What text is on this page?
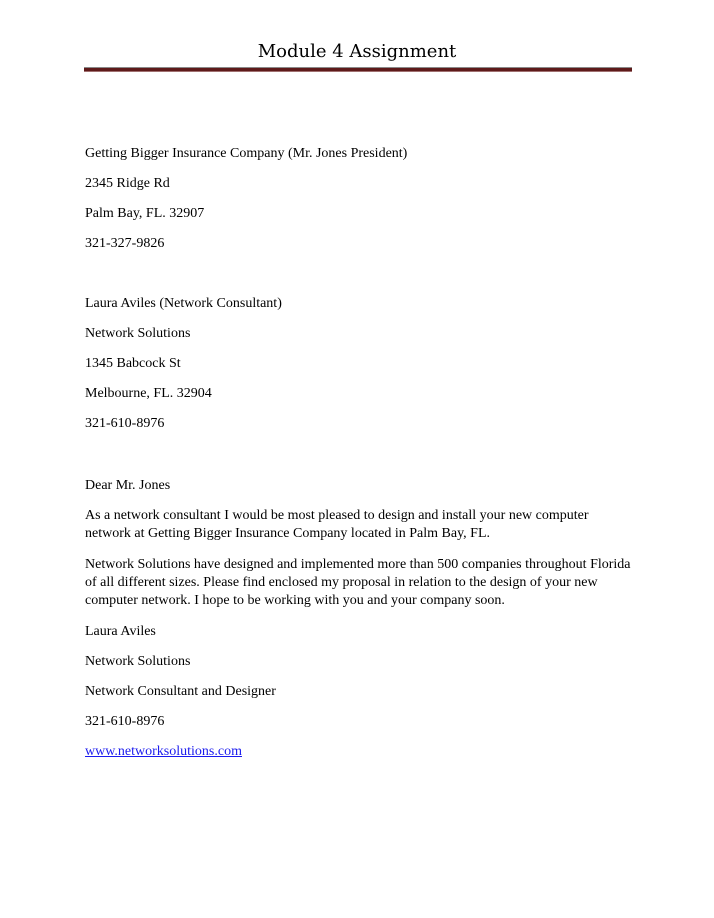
Module 4 Assignment

Getting Bigger Insurance Company (Mr. Jones President)

2345 Ridge Rd

Palm Bay, FL. 32907

321-327-9826

Laura Aviles (Network Consultant)

Network Solutions

1345 Babcock St

Melbourne, FL. 32904

321-610-8976

Dear Mr. Jones

As a network consultant I would be most pleased to design and install your new computer network at Getting Bigger Insurance Company located in Palm Bay, FL.

Network Solutions have designed and implemented more than 500 companies throughout Florida of all different sizes. Please find enclosed my proposal in relation to the design of your new computer network. I hope to be working with you and your company soon.

Laura Aviles

Network Solutions

Network Consultant and Designer

321-610-8976

www.networksolutions.com
